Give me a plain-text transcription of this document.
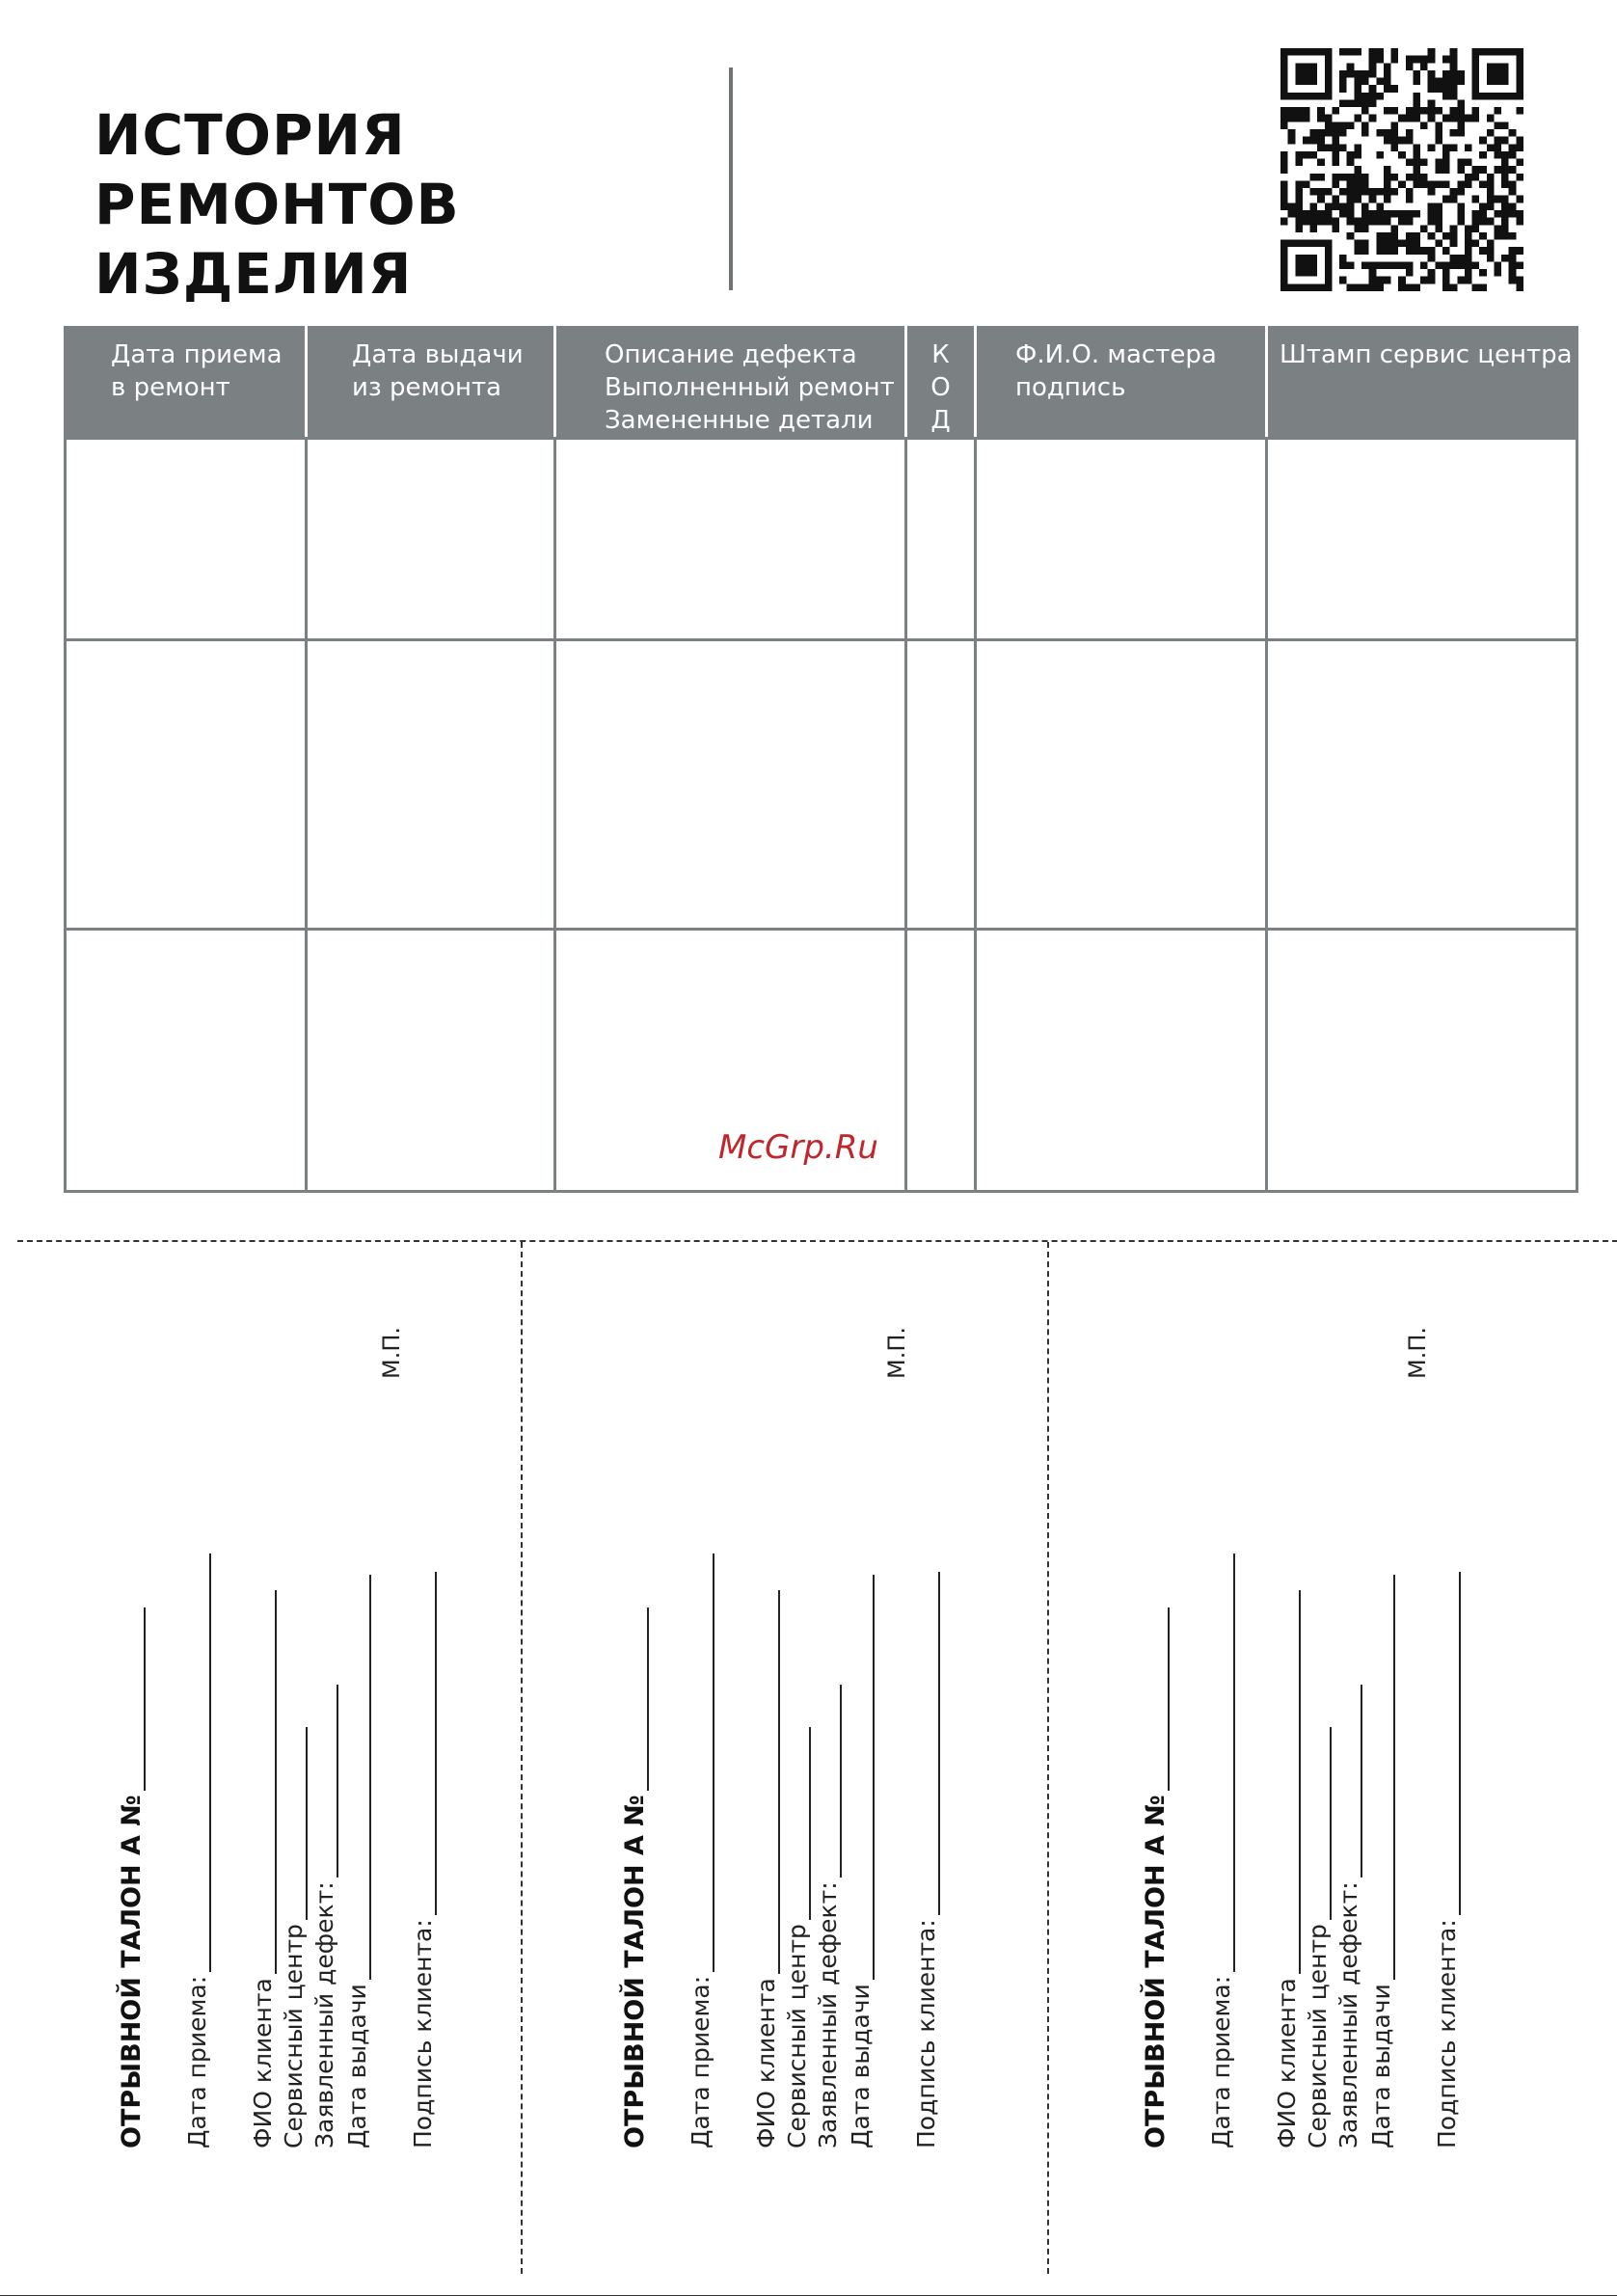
ИСТОРИЯ РЕМОНТОВ
ИЗДЕЛИЯ
Дата приема
в ремонт	Дата выдачи
из ремонта	Описание дефекта
Выполненный ремонт
Замененные детали	К
О
Д	Ф.И.О. мастера
подпись	Штамп сервис центра

McGrp.Ru
М.П.
ОТРЫВНОЙ ТАЛОН А № Дата приема: ФИО клиента Сервисный центр Заявленный дефект: Дата выдачи Подпись клиента:
М.П.
ОТРЫВНОЙ ТАЛОН А № Дата приема: ФИО клиента Сервисный центр Заявленный дефект: Дата выдачи Подпись клиента:
М.П.
ОТРЫВНОЙ ТАЛОН А № Дата приема: ФИО клиента Сервисный центр Заявленный дефект: Дата выдачи Подпись клиента:
